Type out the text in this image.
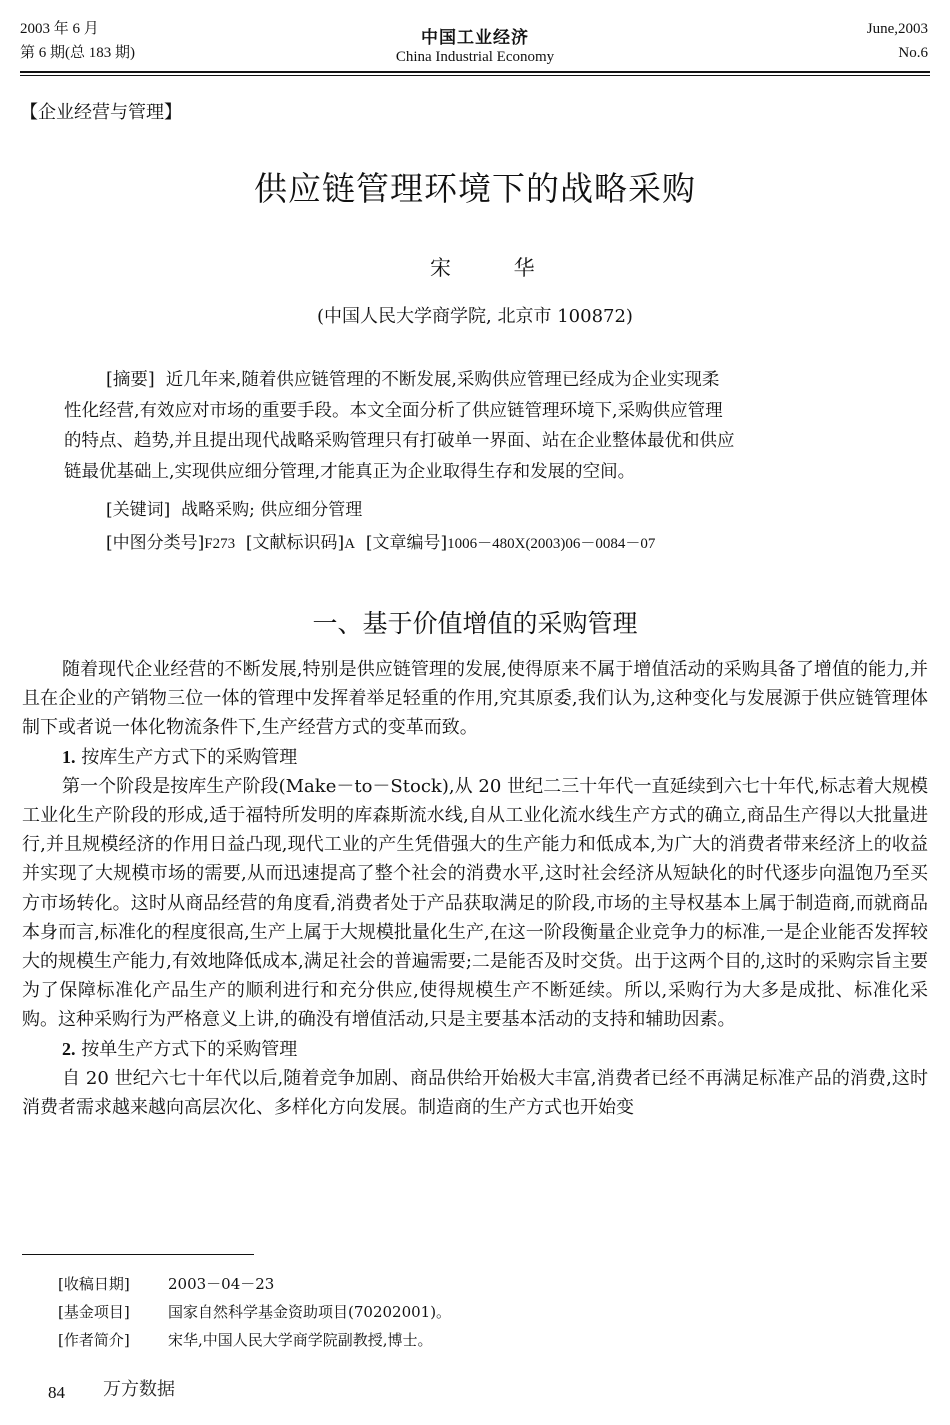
2003 年 6 月
第 6 期(总 183 期)
中国工业经济
China Industrial Economy
June,2003
No.6
【企业经营与管理】
供应链管理环境下的战略采购
宋 华
(中国人民大学商学院, 北京市 100872)
[摘要] 近几年来,随着供应链管理的不断发展,采购供应管理已经成为企业实现柔
性化经营,有效应对市场的重要手段。本文全面分析了供应链管理环境下,采购供应管理
的特点、趋势,并且提出现代战略采购管理只有打破单一界面、站在企业整体最优和供应
链最优基础上,实现供应细分管理,才能真正为企业取得生存和发展的空间。
[关键词] 战略采购; 供应细分管理
[中图分类号]F273 [文献标识码]A [文章编号]1006－480X(2003)06－0084－07
一、基于价值增值的采购管理

随着现代企业经营的不断发展,特别是供应链管理的发展,使得原来不属于增值活动的采购具备了增值的能力,并且在企业的产销物三位一体的管理中发挥着举足轻重的作用,究其原委,我们认为,这种变化与发展源于供应链管理体制下或者说一体化物流条件下,生产经营方式的变革而致。

1. 按库生产方式下的采购管理

第一个阶段是按库生产阶段(Make－to－Stock),从 20 世纪二三十年代一直延续到六七十年代,标志着大规模工业化生产阶段的形成,适于福特所发明的库森斯流水线,自从工业化流水线生产方式的确立,商品生产得以大批量进行,并且规模经济的作用日益凸现,现代工业的产生凭借强大的生产能力和低成本,为广大的消费者带来经济上的收益并实现了大规模市场的需要,从而迅速提高了整个社会的消费水平,这时社会经济从短缺化的时代逐步向温饱乃至买方市场转化。这时从商品经营的角度看,消费者处于产品获取满足的阶段,市场的主导权基本上属于制造商,而就商品本身而言,标准化的程度很高,生产上属于大规模批量化生产,在这一阶段衡量企业竞争力的标准,一是企业能否发挥较大的规模生产能力,有效地降低成本,满足社会的普遍需要;二是能否及时交货。出于这两个目的,这时的采购宗旨主要为了保障标准化产品生产的顺利进行和充分供应,使得规模生产不断延续。所以,采购行为大多是成批、标准化采购。这种采购行为严格意义上讲,的确没有增值活动,只是主要基本活动的支持和辅助因素。

2. 按单生产方式下的采购管理

自 20 世纪六七十年代以后,随着竞争加剧、商品供给开始极大丰富,消费者已经不再满足标准产品的消费,这时消费者需求越来越向高层次化、多样化方向发展。制造商的生产方式也开始变

[收稿日期]	2003－04－23
[基金项目]	国家自然科学基金资助项目(70202001)。
[作者简介]	宋华,中国人民大学商学院副教授,博士。
84 万方数据
